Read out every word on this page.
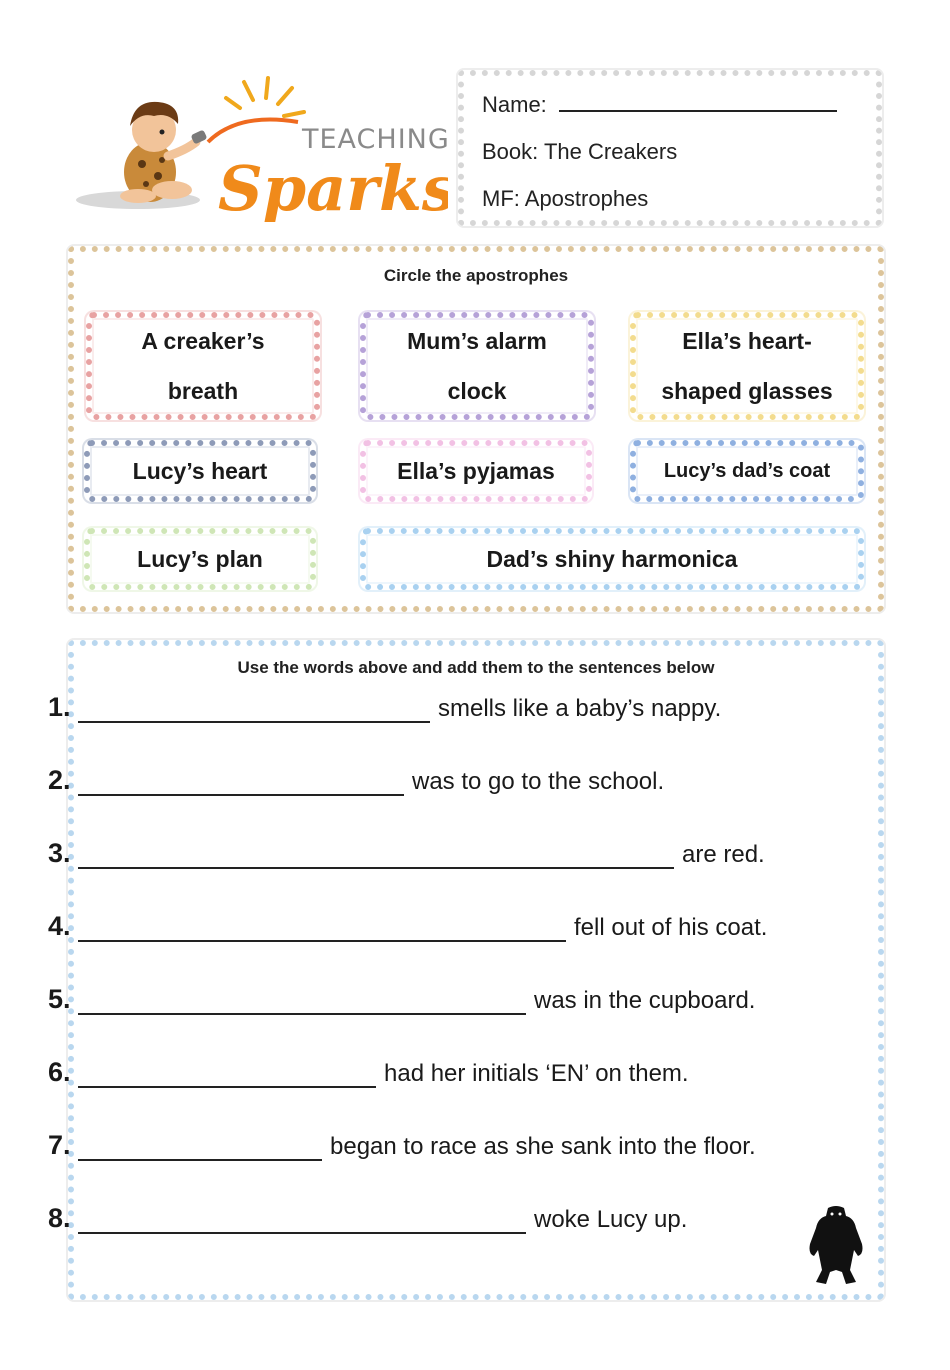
TEACHING
Sparks
Name:
Book: The Creakers
MF: Apostrophes
Circle the apostrophes
A creaker’s
breath
Mum’s alarm
clock
Ella’s heart-
shaped glasses
Lucy’s heart	Ella’s pyjamas	Lucy’s dad’s coat
Lucy’s plan	Dad’s shiny harmonica
Use the words above and add them to the sentences below
1.	smells like a baby’s nappy.
2.	was to go to the school.
3.	are red.
4.	fell out of his coat.
5.	was in the cupboard.
6.	had her initials ‘EN’ on them.
7.	began to race as she sank into the floor.
8.	woke Lucy up.
